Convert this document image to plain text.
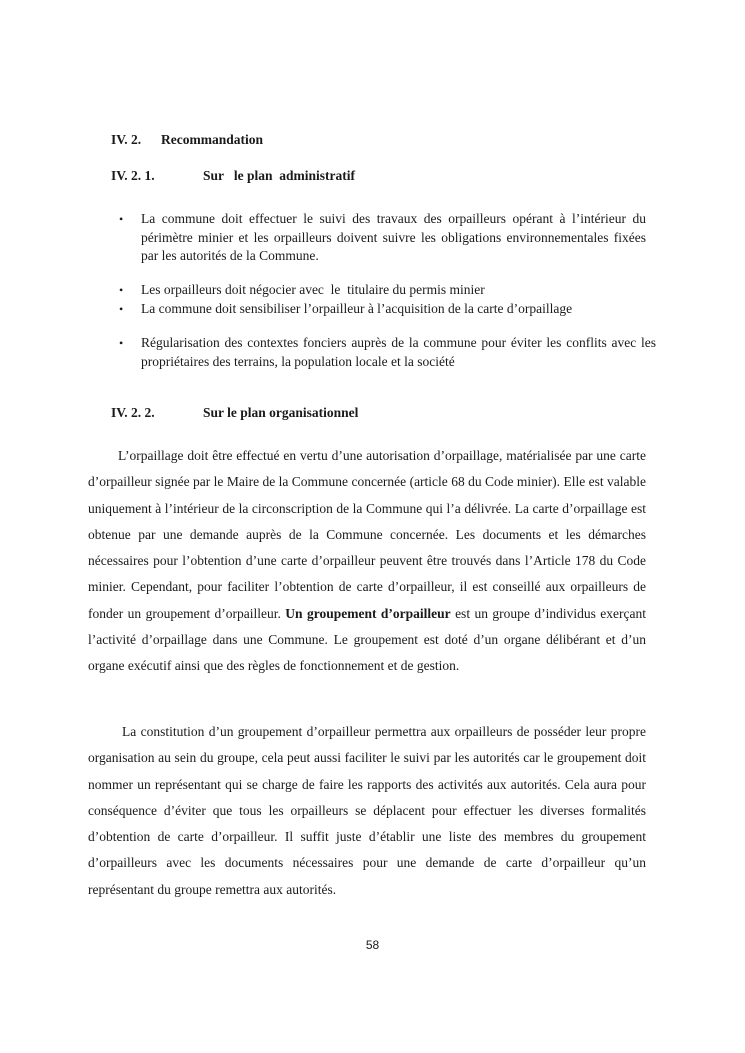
IV. 2. Recommandation
IV. 2. 1.	Sur   le plan  administratif
• La commune doit effectuer le suivi des travaux des orpailleurs opérant à l’intérieur du périmètre minier et les orpailleurs doivent suivre les obligations environnementales fixées par les autorités de la Commune.
• Les orpailleurs doit négocier avec  le  titulaire du permis minier
• La commune doit sensibiliser l’orpailleur à l’acquisition de la carte d’orpaillage
• Régularisation des contextes fonciers auprès de la commune pour éviter les conflits avec les propriétaires des terrains, la population locale et la société
IV. 2. 2.	Sur le plan organisationnel

L’orpaillage doit être effectué en vertu d’une autorisation d’orpaillage, matérialisée par une carte d’orpailleur signée par le Maire de la Commune concernée (article 68 du Code minier). Elle est valable uniquement à l’intérieur de la circonscription de la Commune qui l’a délivrée. La carte d’orpaillage est obtenue par une demande auprès de la Commune concernée. Les documents et les démarches nécessaires pour l’obtention d’une carte d’orpailleur peuvent être trouvés dans l’Article 178 du Code minier. Cependant, pour faciliter l’obtention de carte d’orpailleur, il est conseillé aux orpailleurs de fonder un groupement d’orpailleur. Un groupement d’orpailleur est un groupe d’individus exerçant l’activité d’orpaillage dans une Commune. Le groupement est doté d’un organe délibérant et d’un organe exécutif ainsi que des règles de fonctionnement et de gestion.

La constitution d’un groupement d’orpailleur permettra aux orpailleurs de posséder leur propre organisation au sein du groupe, cela peut aussi faciliter le suivi par les autorités car le groupement doit nommer un représentant qui se charge de faire les rapports des activités aux autorités. Cela aura pour conséquence d’éviter que tous les orpailleurs se déplacent pour effectuer les diverses formalités d’obtention de carte d’orpailleur. Il suffit juste d’établir une liste des membres du groupement d’orpailleurs avec les documents nécessaires pour une demande de carte d’orpailleur qu’un représentant du groupe remettra aux autorités.

58
